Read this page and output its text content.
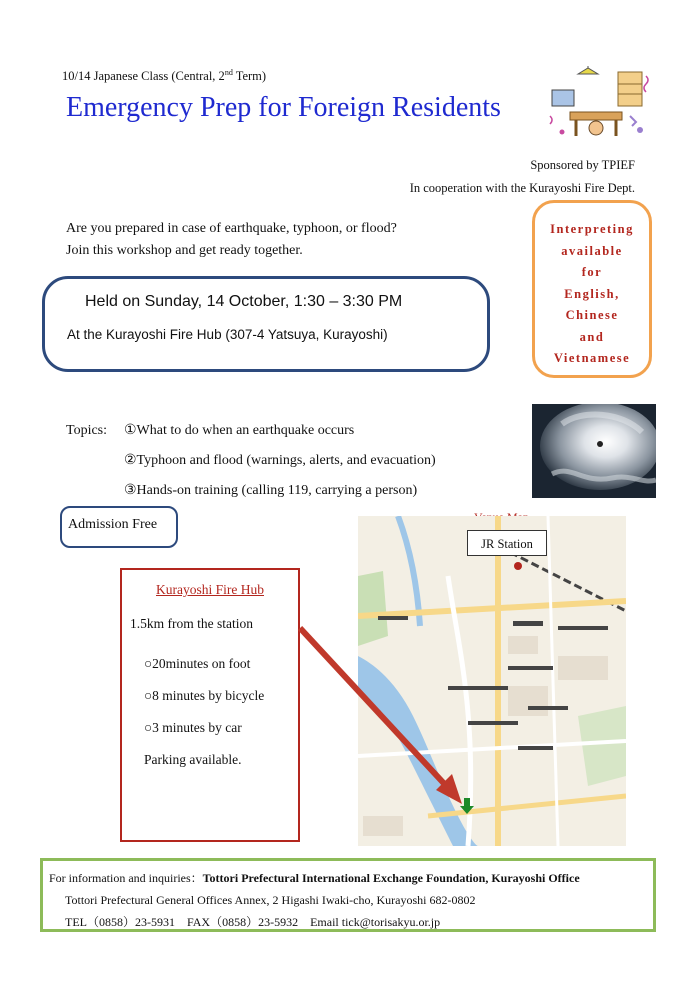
10/14 Japanese Class (Central, 2nd Term)
Emergency Prep for Foreign Residents
Sponsored by TPIEF
In cooperation with the Kurayoshi Fire Dept.
Are you prepared in case of earthquake, typhoon, or flood?
Join this workshop and get ready together.
Interpreting
available
for
English,
Chinese
and
Vietnamese
Held on Sunday, 14 October, 1:30 – 3:30 PM
At the Kurayoshi Fire Hub (307-4 Yatsuya, Kurayoshi)
Topics: ①What to do when an earthquake occurs
②Typhoon and flood (warnings, alerts, and evacuation)
③Hands-on training (calling 119, carrying a person)
Admission Free
JR Station
Kurayoshi Fire Hub
1.5km from the station
○20minutes on foot
○8 minutes by bicycle
○3 minutes by car
Parking available.
For information and inquiries：Tottori Prefectural International Exchange Foundation, Kurayoshi Office
Tottori Prefectural General Offices Annex, 2 Higashi Iwaki-cho, Kurayoshi 682-0802
TEL（0858）23-5931　FAX（0858）23-5932　Email tick@torisakyu.or.jp
